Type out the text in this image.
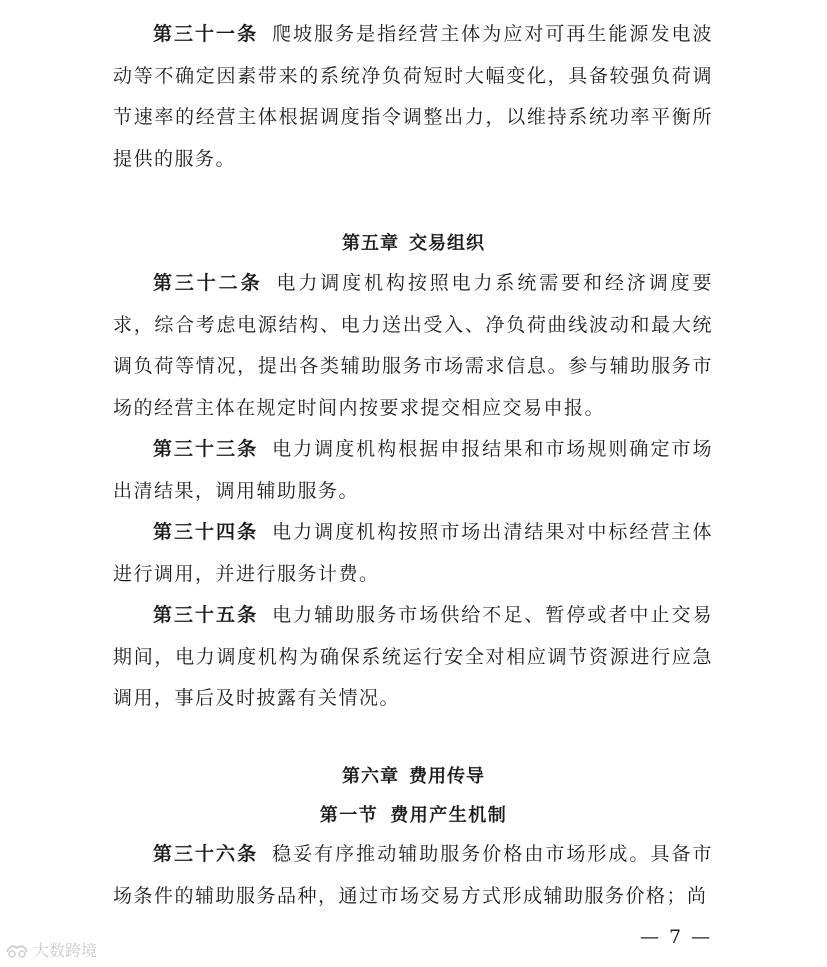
第三十一条 爬坡服务是指经营主体为应对可再生能源发电波动等不确定因素带来的系统净负荷短时大幅变化，具备较强负荷调节速率的经营主体根据调度指令调整出力，以维持系统功率平衡所提供的服务。

第五章 交易组织

第三十二条 电力调度机构按照电力系统需要和经济调度要求，综合考虑电源结构、电力送出受入、净负荷曲线波动和最大统调负荷等情况，提出各类辅助服务市场需求信息。参与辅助服务市场的经营主体在规定时间内按要求提交相应交易申报。

第三十三条 电力调度机构根据申报结果和市场规则确定市场出清结果，调用辅助服务。

第三十四条 电力调度机构按照市场出清结果对中标经营主体进行调用，并进行服务计费。

第三十五条 电力辅助服务市场供给不足、暂停或者中止交易期间，电力调度机构为确保系统运行安全对相应调节资源进行应急调用，事后及时披露有关情况。

第六章 费用传导
第一节 费用产生机制

第三十六条 稳妥有序推动辅助服务价格由市场形成。具备市场条件的辅助服务品种，通过市场交易方式形成辅助服务价格；尚

— 7 —
大数跨境
